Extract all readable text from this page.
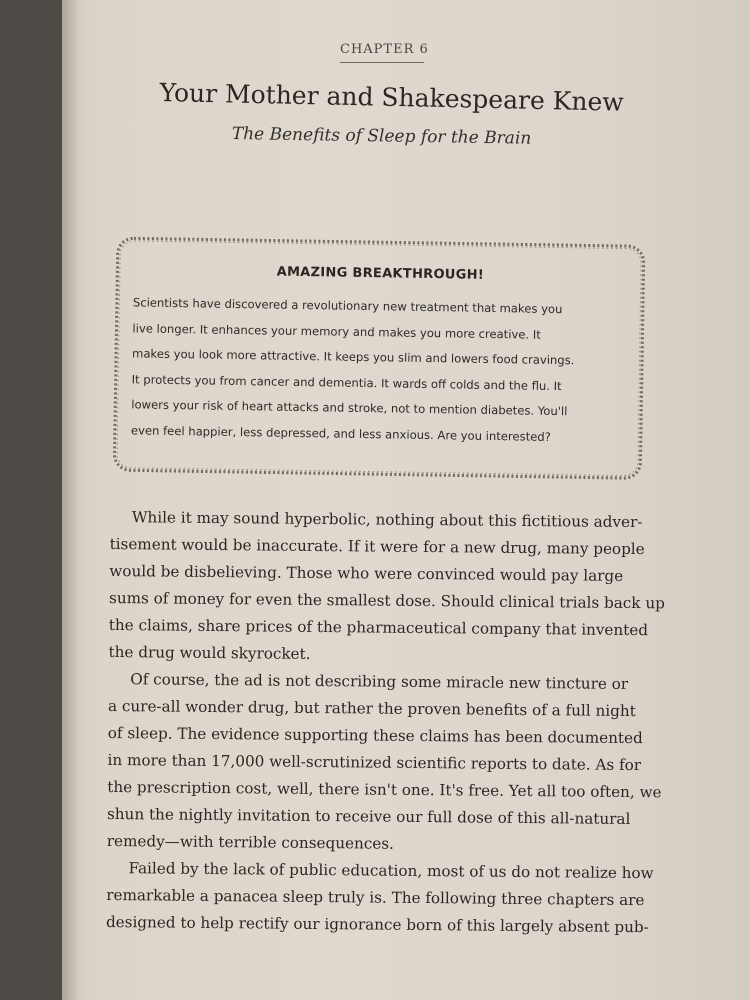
CHAPTER 6
Your Mother and Shakespeare Knew
The Benefits of Sleep for the Brain
AMAZING BREAKTHROUGH!
Scientists have discovered a revolutionary new treatment that makes you
live longer. It enhances your memory and makes you more creative. It
makes you look more attractive. It keeps you slim and lowers food cravings.
It protects you from cancer and dementia. It wards off colds and the flu. It
lowers your risk of heart attacks and stroke, not to mention diabetes. You'll
even feel happier, less depressed, and less anxious. Are you interested?
While it may sound hyperbolic, nothing about this fictitious adver-
tisement would be inaccurate. If it were for a new drug, many people
would be disbelieving. Those who were convinced would pay large
sums of money for even the smallest dose. Should clinical trials back up
the claims, share prices of the pharmaceutical company that invented
the drug would skyrocket.
Of course, the ad is not describing some miracle new tincture or
a cure-all wonder drug, but rather the proven benefits of a full night
of sleep. The evidence supporting these claims has been documented
in more than 17,000 well-scrutinized scientific reports to date. As for
the prescription cost, well, there isn't one. It's free. Yet all too often, we
shun the nightly invitation to receive our full dose of this all-natural
remedy—with terrible consequences.
Failed by the lack of public education, most of us do not realize how
remarkable a panacea sleep truly is. The following three chapters are
designed to help rectify our ignorance born of this largely absent pub-
